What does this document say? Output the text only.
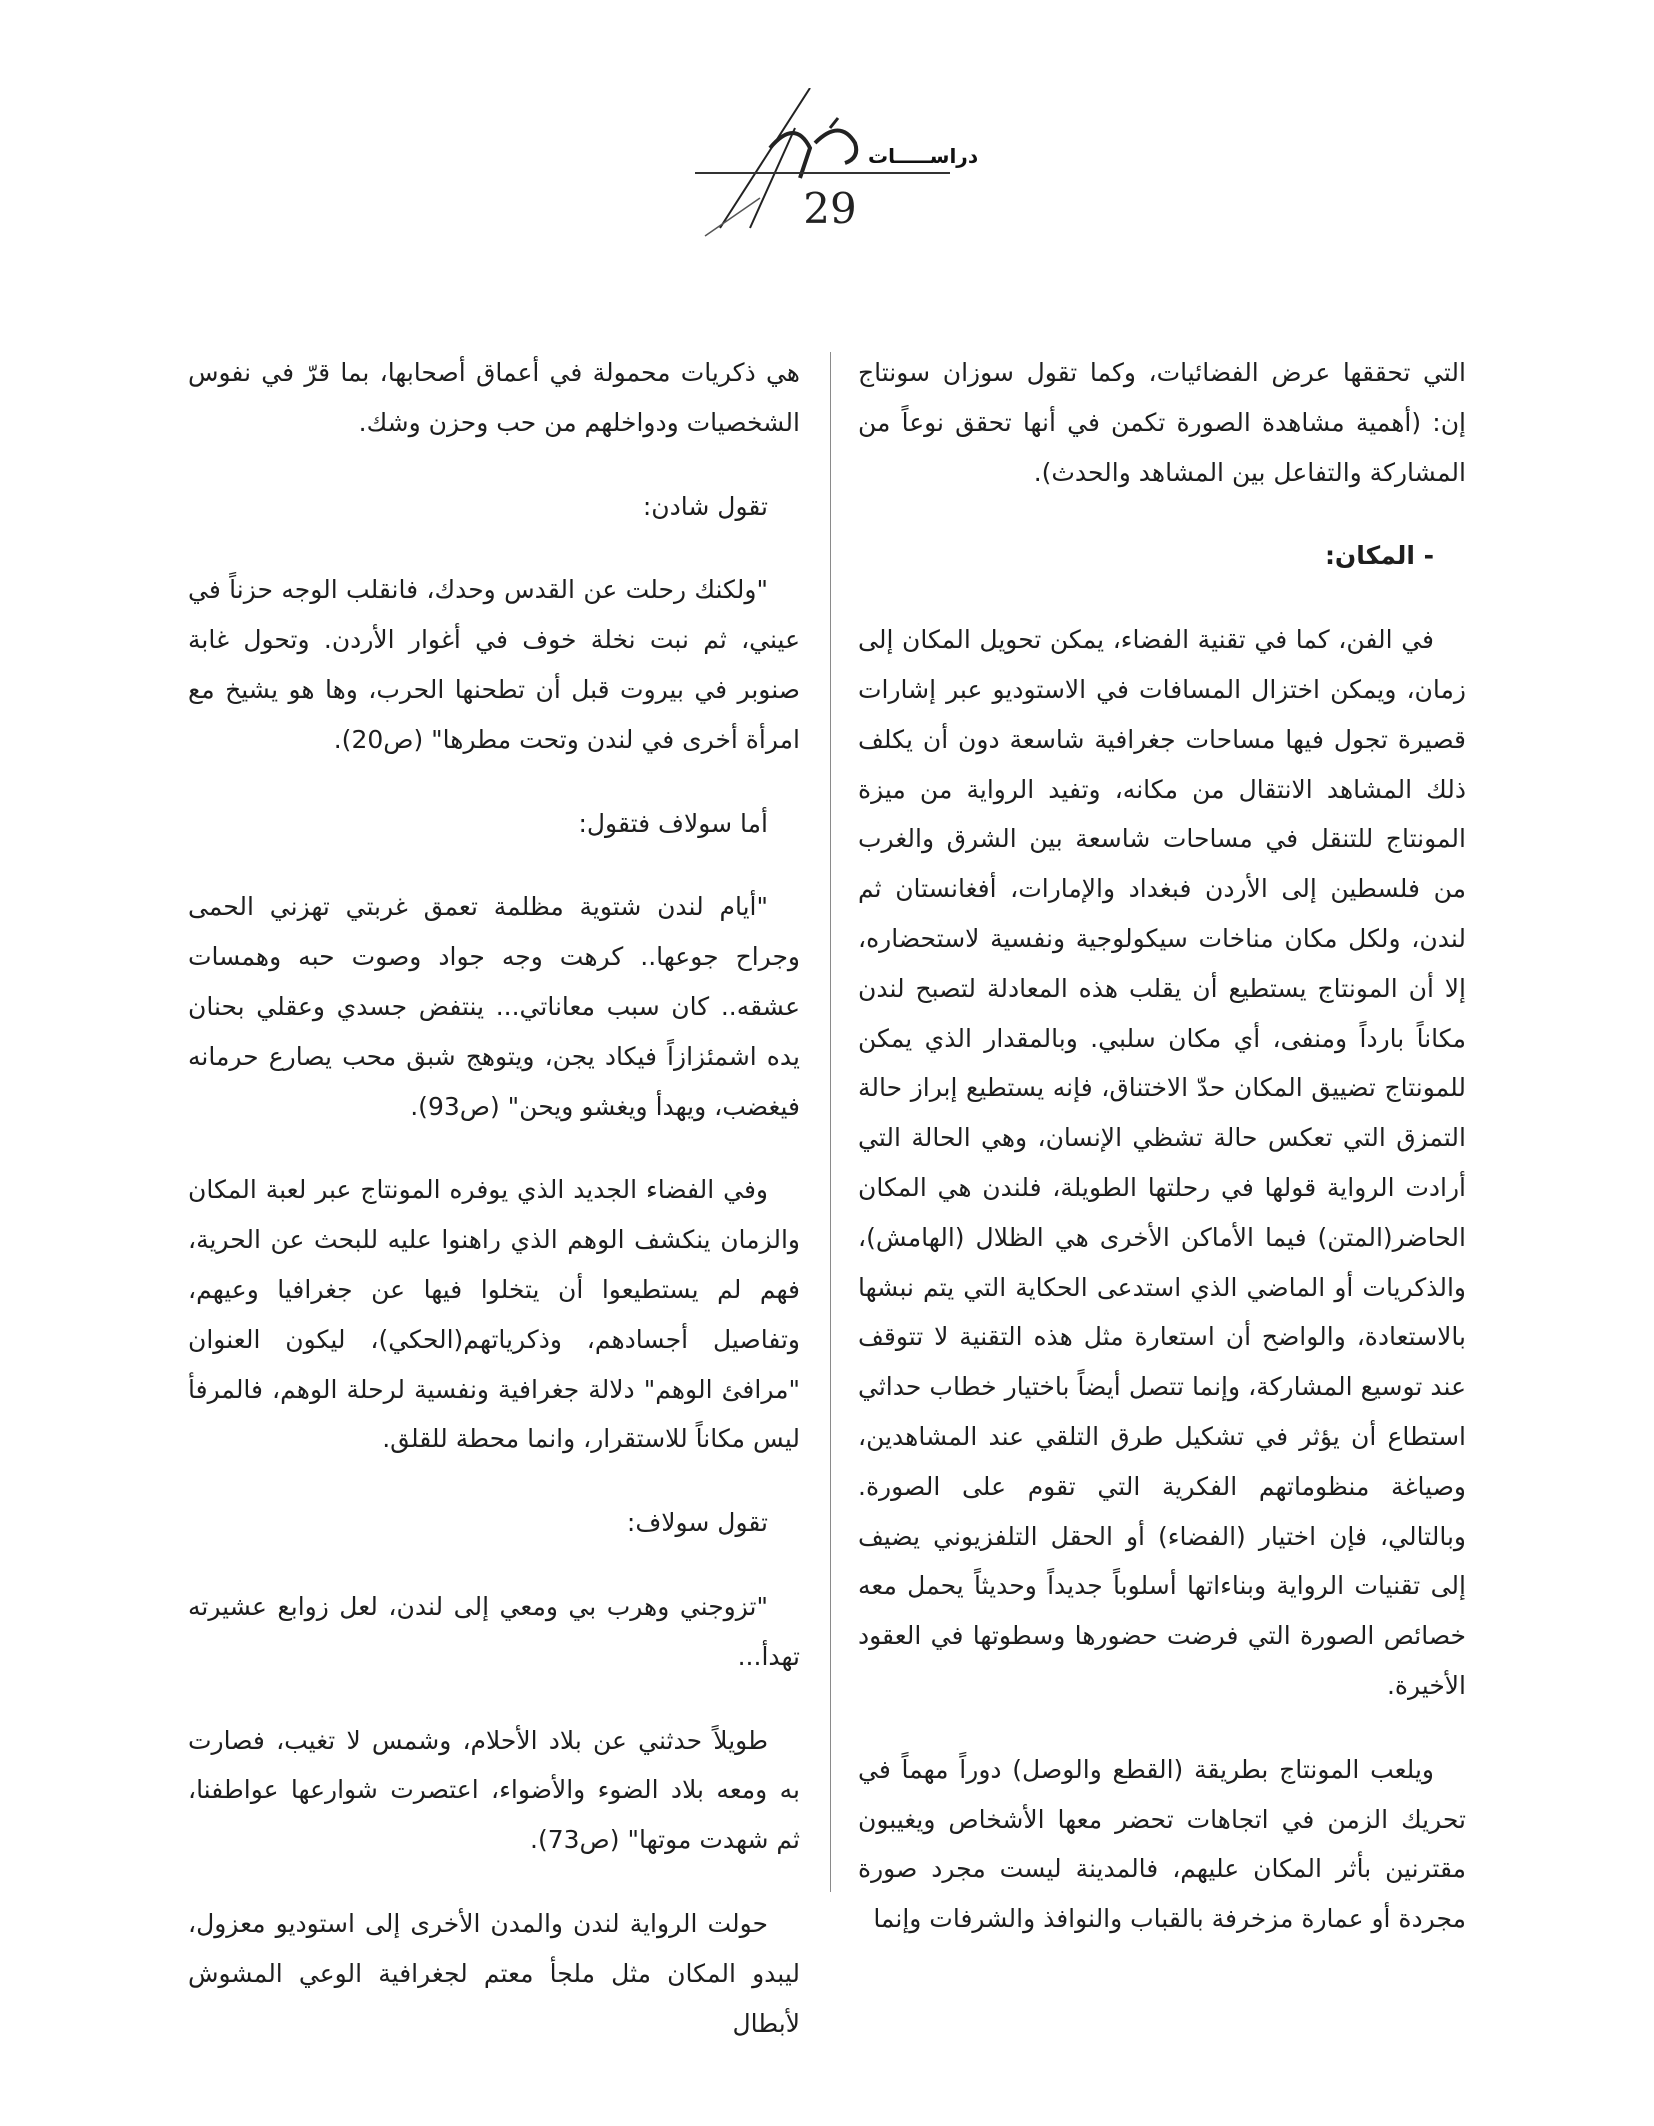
دراســـــات
29

التي تحققها عرض الفضائيات، وكما تقول سوزان سونتاج إن: (أهمية مشاهدة الصورة تكمن في أنها تحقق نوعاً من المشاركة والتفاعل بين المشاهد والحدث).

- المكان:

في الفن، كما في تقنية الفضاء، يمكن تحويل المكان إلى زمان، ويمكن اختزال المسافات في الاستوديو عبر إشارات قصيرة تجول فيها مساحات جغرافية شاسعة دون أن يكلف ذلك المشاهد الانتقال من مكانه، وتفيد الرواية من ميزة المونتاج للتنقل في مساحات شاسعة بين الشرق والغرب من فلسطين إلى الأردن فبغداد والإمارات، أفغانستان ثم لندن، ولكل مكان مناخات سيكولوجية ونفسية لاستحضاره، إلا أن المونتاج يستطيع أن يقلب هذه المعادلة لتصبح لندن مكاناً بارداً ومنفى، أي مكان سلبي. وبالمقدار الذي يمكن للمونتاج تضييق المكان حدّ الاختناق، فإنه يستطيع إبراز حالة التمزق التي تعكس حالة تشظي الإنسان، وهي الحالة التي أرادت الرواية قولها في رحلتها الطويلة، فلندن هي المكان الحاضر(المتن) فيما الأماكن الأخرى هي الظلال (الهامش)، والذكريات أو الماضي الذي استدعى الحكاية التي يتم نبشها بالاستعادة، والواضح أن استعارة مثل هذه التقنية لا تتوقف عند توسيع المشاركة، وإنما تتصل أيضاً باختيار خطاب حداثي استطاع أن يؤثر في تشكيل طرق التلقي عند المشاهدين، وصياغة منظوماتهم الفكرية التي تقوم على الصورة. وبالتالي، فإن اختيار (الفضاء) أو الحقل التلفزيوني يضيف إلى تقنيات الرواية وبناءاتها أسلوباً جديداً وحديثاً يحمل معه خصائص الصورة التي فرضت حضورها وسطوتها في العقود الأخيرة.

ويلعب المونتاج بطريقة (القطع والوصل) دوراً مهماً في تحريك الزمن في اتجاهات تحضر معها الأشخاص ويغيبون مقترنين بأثر المكان عليهم، فالمدينة ليست مجرد صورة مجردة أو عمارة مزخرفة بالقباب والنوافذ والشرفات وإنما

هي ذكريات محمولة في أعماق أصحابها، بما قرّ في نفوس الشخصيات ودواخلهم من حب وحزن وشك.

تقول شادن:

"ولكنك رحلت عن القدس وحدك، فانقلب الوجه حزناً في عيني، ثم نبت نخلة خوف في أغوار الأردن. وتحول غابة صنوبر في بيروت قبل أن تطحنها الحرب، وها هو يشيخ مع امرأة أخرى في لندن وتحت مطرها" (ص20).

أما سولاف فتقول:

"أيام لندن شتوية مظلمة تعمق غربتي تهزني الحمى وجراح جوعها.. كرهت وجه جواد وصوت حبه وهمسات عشقه.. كان سبب معاناتي... ينتفض جسدي وعقلي بحنان يده اشمئزازاً فيكاد يجن، ويتوهج شبق محب يصارع حرمانه فيغضب، ويهدأ ويغشو ويحن" (ص93).

وفي الفضاء الجديد الذي يوفره المونتاج عبر لعبة المكان والزمان ينكشف الوهم الذي راهنوا عليه للبحث عن الحرية، فهم لم يستطيعوا أن يتخلوا فيها عن جغرافيا وعيهم، وتفاصيل أجسادهم، وذكرياتهم(الحكي)، ليكون العنوان "مرافئ الوهم" دلالة جغرافية ونفسية لرحلة الوهم، فالمرفأ ليس مكاناً للاستقرار، وانما محطة للقلق.

تقول سولاف:

"تزوجني وهرب بي ومعي إلى لندن، لعل زوابع عشيرته تهدأ...

طويلاً حدثني عن بلاد الأحلام، وشمس لا تغيب، فصارت به ومعه بلاد الضوء والأضواء، اعتصرت شوارعها عواطفنا، ثم شهدت موتها" (ص73).

حولت الرواية لندن والمدن الأخرى إلى استوديو معزول، ليبدو المكان مثل ملجأ معتم لجغرافية الوعي المشوش لأبطال
